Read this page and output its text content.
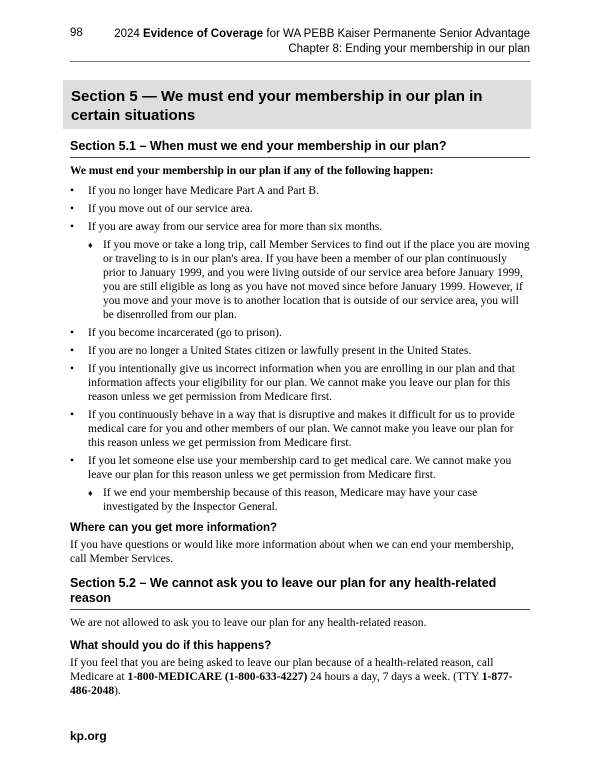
98	2024 Evidence of Coverage for WA PEBB Kaiser Permanente Senior Advantage
Chapter 8: Ending your membership in our plan
Section 5 — We must end your membership in our plan in certain situations
Section 5.1 – When must we end your membership in our plan?
We must end your membership in our plan if any of the following happen:
• If you no longer have Medicare Part A and Part B.
• If you move out of our service area.
• If you are away from our service area for more than six months.
♦ If you move or take a long trip, call Member Services to find out if the place you are moving or traveling to is in our plan's area. If you have been a member of our plan continuously prior to January 1999, and you were living outside of our service area before January 1999, you are still eligible as long as you have not moved since before January 1999. However, if you move and your move is to another location that is outside of our service area, you will be disenrolled from our plan.
• If you become incarcerated (go to prison).
• If you are no longer a United States citizen or lawfully present in the United States.
• If you intentionally give us incorrect information when you are enrolling in our plan and that information affects your eligibility for our plan. We cannot make you leave our plan for this reason unless we get permission from Medicare first.
• If you continuously behave in a way that is disruptive and makes it difficult for us to provide medical care for you and other members of our plan. We cannot make you leave our plan for this reason unless we get permission from Medicare first.
• If you let someone else use your membership card to get medical care. We cannot make you leave our plan for this reason unless we get permission from Medicare first.
♦ If we end your membership because of this reason, Medicare may have your case investigated by the Inspector General.
Where can you get more information?
If you have questions or would like more information about when we can end your membership, call Member Services.
Section 5.2 – We cannot ask you to leave our plan for any health-related reason
We are not allowed to ask you to leave our plan for any health-related reason.
What should you do if this happens?
If you feel that you are being asked to leave our plan because of a health-related reason, call Medicare at 1-800-MEDICARE (1-800-633-4227) 24 hours a day, 7 days a week. (TTY 1-877-486-2048).
kp.org
